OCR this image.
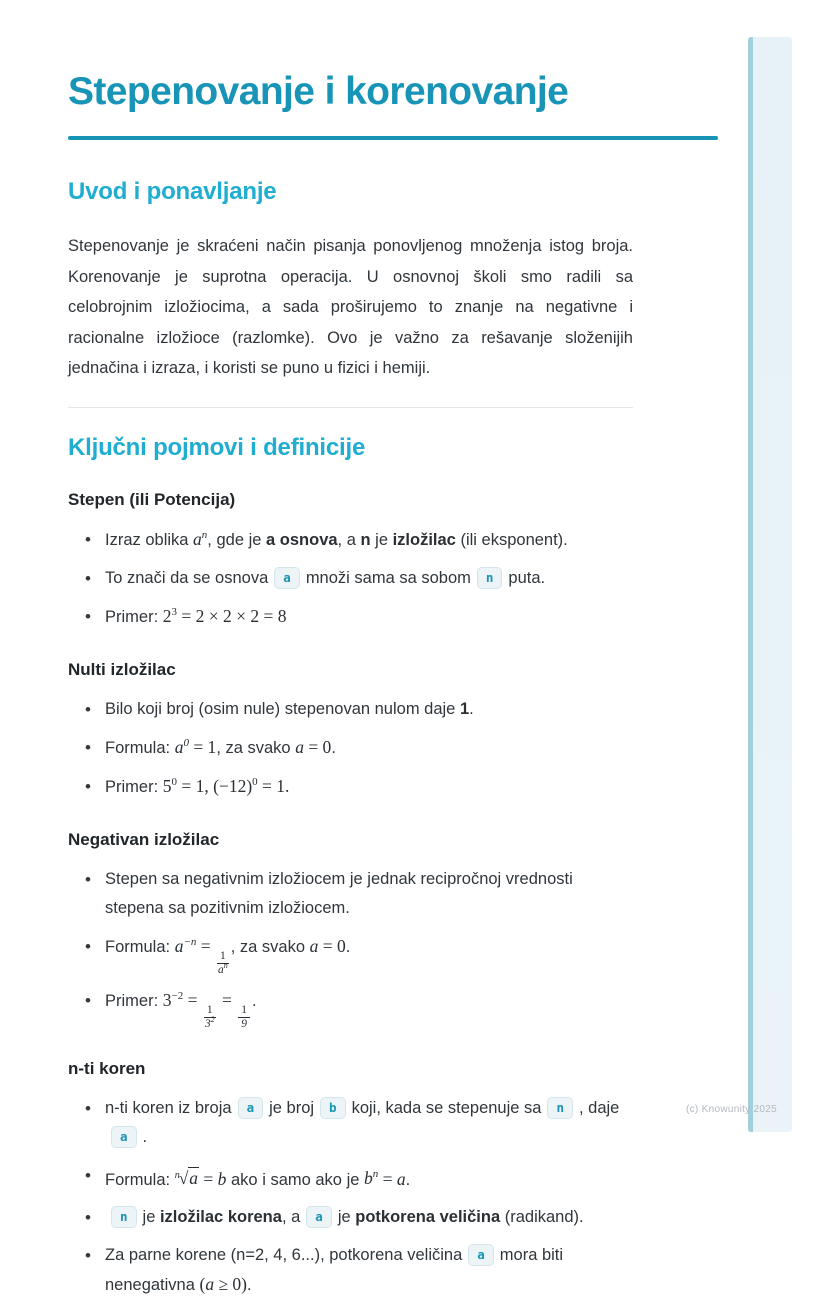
(c) Knowunity 2025
Stepenovanje i korenovanje
Uvod i ponavljanje

Stepenovanje je skraćeni način pisanja ponovljenog množenja istog broja. Korenovanje je suprotna operacija. U osnovnoj školi smo radili sa celobrojnim izložiocima, a sada proširujemo to znanje na negativne i racionalne izložioce (razlomke). Ovo je važno za rešavanje složenijih jednačina i izraza, i koristi se puno u fizici i hemiji.

Ključni pojmovi i definicije
Stepen (ili Potencija)
• Izraz oblika $a^n$, gde je a osnova, a n je izložilac (ili eksponent).
• To znači da se osnova a množi sama sa sobom n puta.
• Primer: $2^3 = 2 \times 2 \times 2 = 8$
Nulti izložilac
• Bilo koji broj (osim nule) stepenovan nulom daje 1.
• Formula: $a^0 = 1$, za svako a = 0.
• Primer: $5^0 = 1$, $(-12)^0 = 1$.
Negativan izložilac
• Stepen sa negativnim izložiocem je jednak recipročnoj vrednosti stepena sa pozitivnim izložiocem.
• Formula: $a^{-n}$ =
$\frac{1}{a^n}$
, za svako a = 0.
• Primer: $3^{-2}$ =
$\frac{1}{3^2}$
=
$\frac{1}{9}$
.
n-ti koren
• n-ti koren iz broja a je broj b koji, kada se stepenuje sa n , dajea .
• Formula: $^n$√a = b ako i samo ako je $b^n = a$.
• n je izložilac korena, a a je potkorena veličina (radikand).
• Za parne korene (n=2, 4, 6...), potkorena veličina a mora biti nenegativna (a ≥ 0).
